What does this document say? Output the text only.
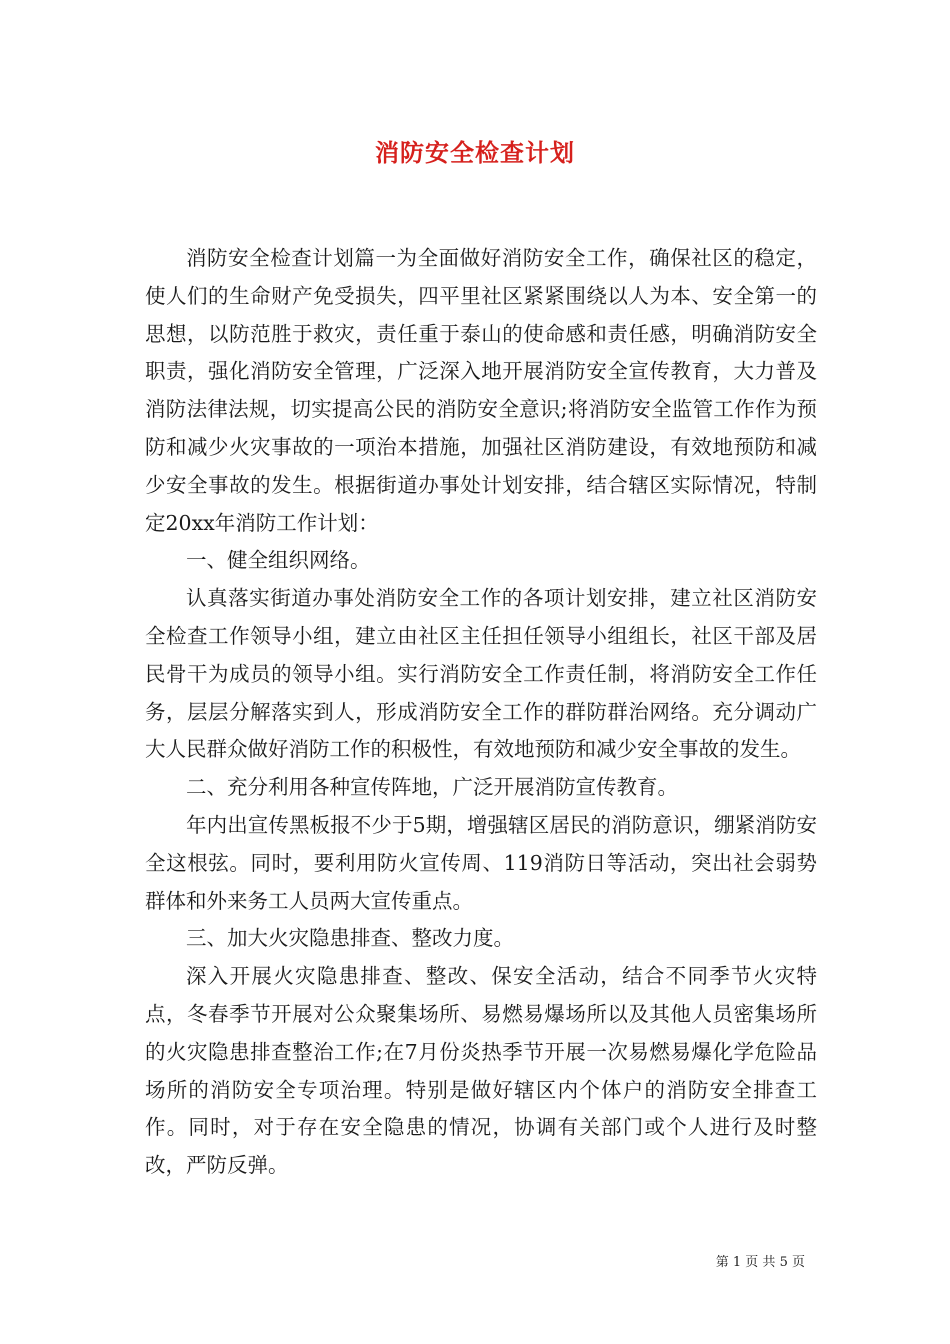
消防安全检查计划

消防安全检查计划篇一为全面做好消防安全工作，确保社区的稳定，使人们的生命财产免受损失，四平里社区紧紧围绕以人为本、安全第一的思想，以防范胜于救灾，责任重于泰山的使命感和责任感，明确消防安全职责，强化消防安全管理，广泛深入地开展消防安全宣传教育，大力普及消防法律法规，切实提高公民的消防安全意识;将消防安全监管工作作为预防和减少火灾事故的一项治本措施，加强社区消防建设，有效地预防和减少安全事故的发生。根据街道办事处计划安排，结合辖区实际情况，特制定20xx年消防工作计划：

一、健全组织网络。

认真落实街道办事处消防安全工作的各项计划安排，建立社区消防安全检查工作领导小组，建立由社区主任担任领导小组组长，社区干部及居民骨干为成员的领导小组。实行消防安全工作责任制，将消防安全工作任务，层层分解落实到人，形成消防安全工作的群防群治网络。充分调动广大人民群众做好消防工作的积极性，有效地预防和减少安全事故的发生。

二、充分利用各种宣传阵地，广泛开展消防宣传教育。

年内出宣传黑板报不少于5期，增强辖区居民的消防意识，绷紧消防安全这根弦。同时，要利用防火宣传周、119消防日等活动，突出社会弱势群体和外来务工人员两大宣传重点。

三、加大火灾隐患排查、整改力度。

深入开展火灾隐患排查、整改、保安全活动，结合不同季节火灾特点，冬春季节开展对公众聚集场所、易燃易爆场所以及其他人员密集场所的火灾隐患排查整治工作;在7月份炎热季节开展一次易燃易爆化学危险品场所的消防安全专项治理。特别是做好辖区内个体户的消防安全排查工作。同时，对于存在安全隐患的情况，协调有关部门或个人进行及时整改，严防反弹。

第 1 页 共 5 页
